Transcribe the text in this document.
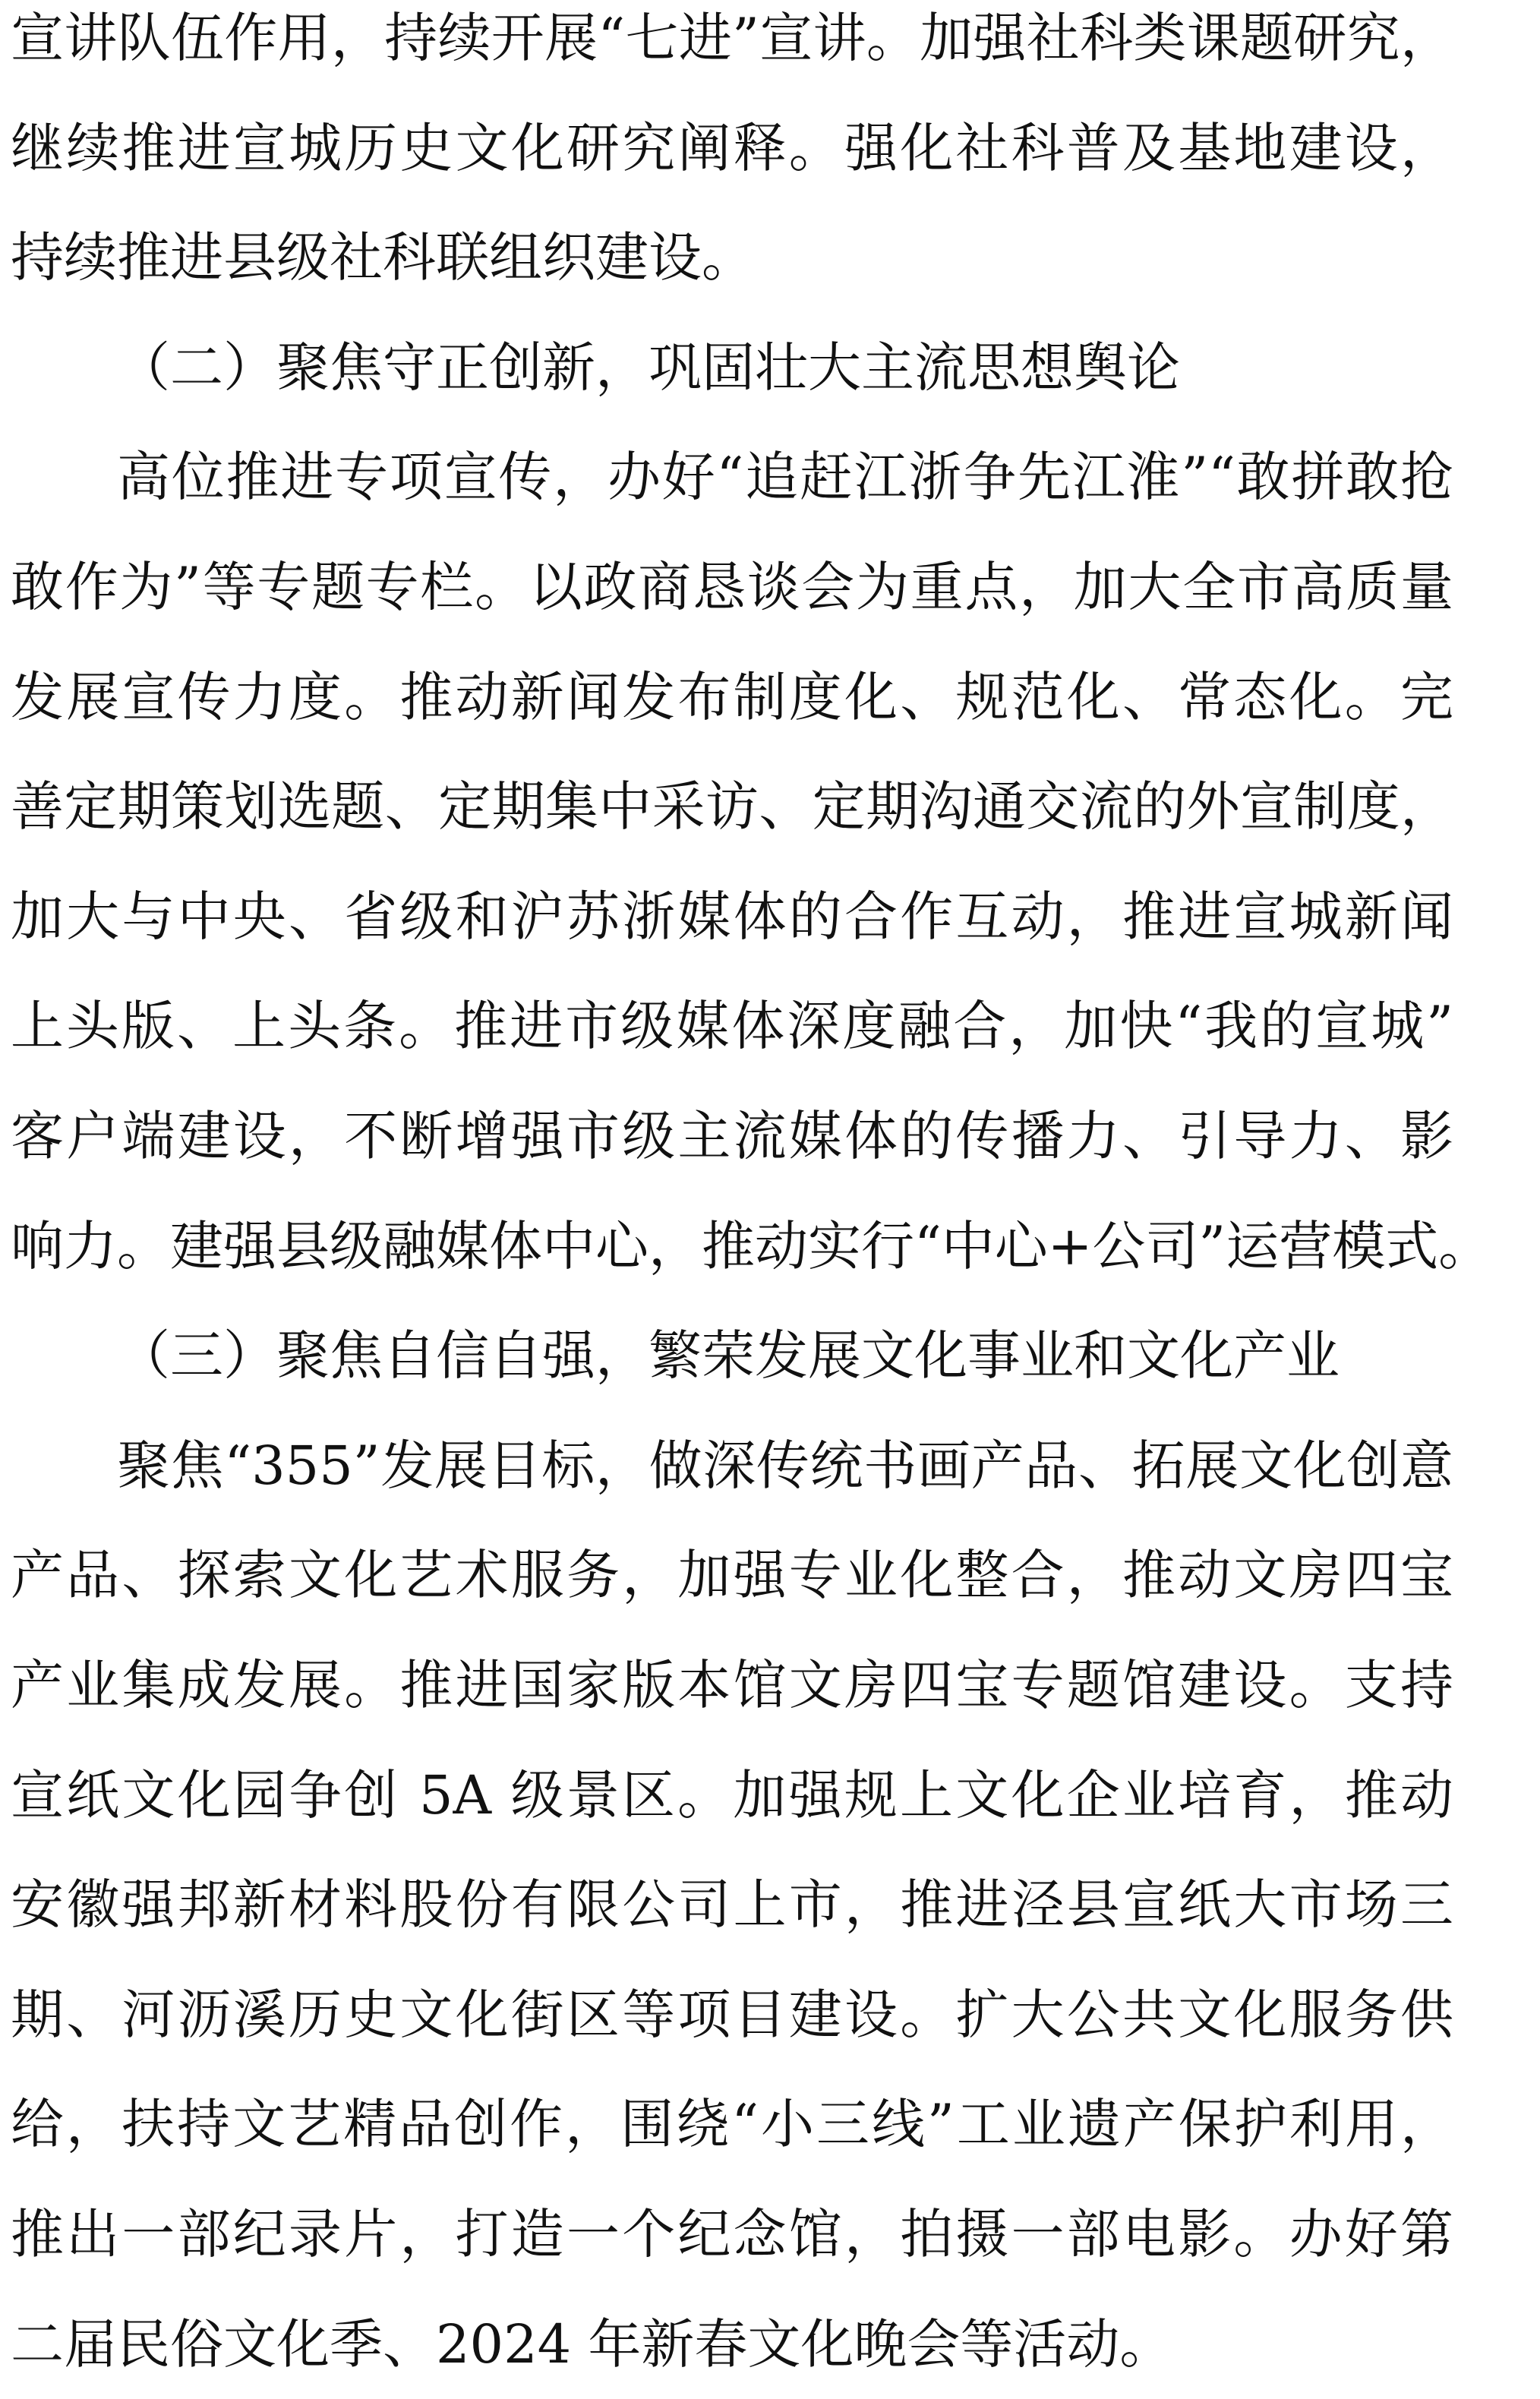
宣讲队伍作用，持续开展“七进”宣讲。加强社科类课题研究，
继续推进宣城历史文化研究阐释。强化社科普及基地建设，
持续推进县级社科联组织建设。
（二）聚焦守正创新，巩固壮大主流思想舆论
高位推进专项宣传，办好“追赶江浙争先江淮”“敢拼敢抢
敢作为”等专题专栏。以政商恳谈会为重点，加大全市高质量
发展宣传力度。推动新闻发布制度化、规范化、常态化。完
善定期策划选题、定期集中采访、定期沟通交流的外宣制度，
加大与中央、省级和沪苏浙媒体的合作互动，推进宣城新闻
上头版、上头条。推进市级媒体深度融合，加快“我的宣城”
客户端建设，不断增强市级主流媒体的传播力、引导力、影
响力。建强县级融媒体中心，推动实行“中心+公司”运营模式。
（三）聚焦自信自强，繁荣发展文化事业和文化产业
聚焦“355”发展目标，做深传统书画产品、拓展文化创意
产品、探索文化艺术服务，加强专业化整合，推动文房四宝
产业集成发展。推进国家版本馆文房四宝专题馆建设。支持
宣纸文化园争创 5A 级景区。加强规上文化企业培育，推动
安徽强邦新材料股份有限公司上市，推进泾县宣纸大市场三
期、河沥溪历史文化街区等项目建设。扩大公共文化服务供
给，扶持文艺精品创作，围绕“小三线”工业遗产保护利用，
推出一部纪录片，打造一个纪念馆，拍摄一部电影。办好第
二届民俗文化季、2024 年新春文化晚会等活动。
